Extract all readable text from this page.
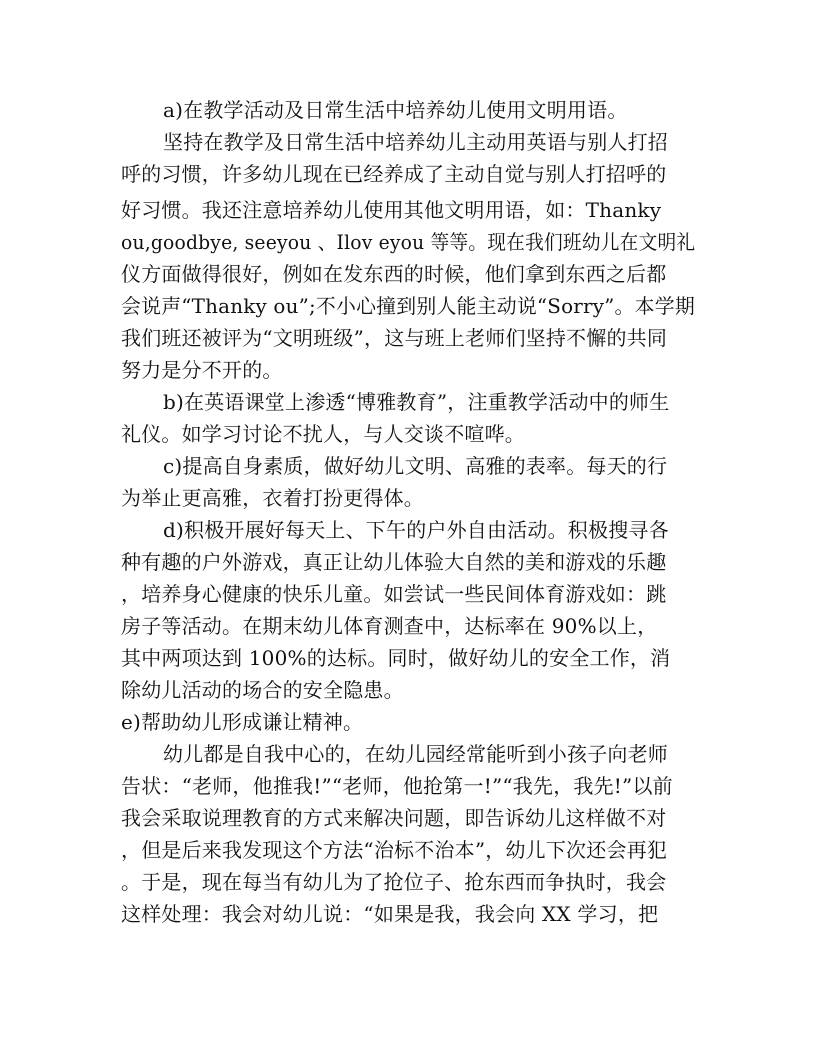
a)在教学活动及日常生活中培养幼儿使用文明用语。
坚持在教学及日常生活中培养幼儿主动用英语与别人打招
呼的习惯，许多幼儿现在已经养成了主动自觉与别人打招呼的
好习惯。我还注意培养幼儿使用其他文明用语，如：Thanky
ou,goodbye, seeyou 、Ilov eyou 等等。现在我们班幼儿在文明礼
仪方面做得很好，例如在发东西的时候，他们拿到东西之后都
会说声“Thanky ou”;不小心撞到别人能主动说“Sorry”。本学期
我们班还被评为“文明班级”，这与班上老师们坚持不懈的共同
努力是分不开的。
b)在英语课堂上渗透“博雅教育”，注重教学活动中的师生
礼仪。如学习讨论不扰人，与人交谈不喧哗。
c)提高自身素质，做好幼儿文明、高雅的表率。每天的行
为举止更高雅，衣着打扮更得体。
d)积极开展好每天上、下午的户外自由活动。积极搜寻各
种有趣的户外游戏，真正让幼儿体验大自然的美和游戏的乐趣
，培养身心健康的快乐儿童。如尝试一些民间体育游戏如：跳
房子等活动。在期末幼儿体育测查中，达标率在 90%以上，
其中两项达到 100%的达标。同时，做好幼儿的安全工作，消
除幼儿活动的场合的安全隐患。
e)帮助幼儿形成谦让精神。
幼儿都是自我中心的，在幼儿园经常能听到小孩子向老师
告状：“老师，他推我!”“老师，他抢第一!”“我先，我先!”以前
我会采取说理教育的方式来解决问题，即告诉幼儿这样做不对
，但是后来我发现这个方法“治标不治本”，幼儿下次还会再犯
。于是，现在每当有幼儿为了抢位子、抢东西而争执时，我会
这样处理：我会对幼儿说：“如果是我，我会向 XX 学习，把
